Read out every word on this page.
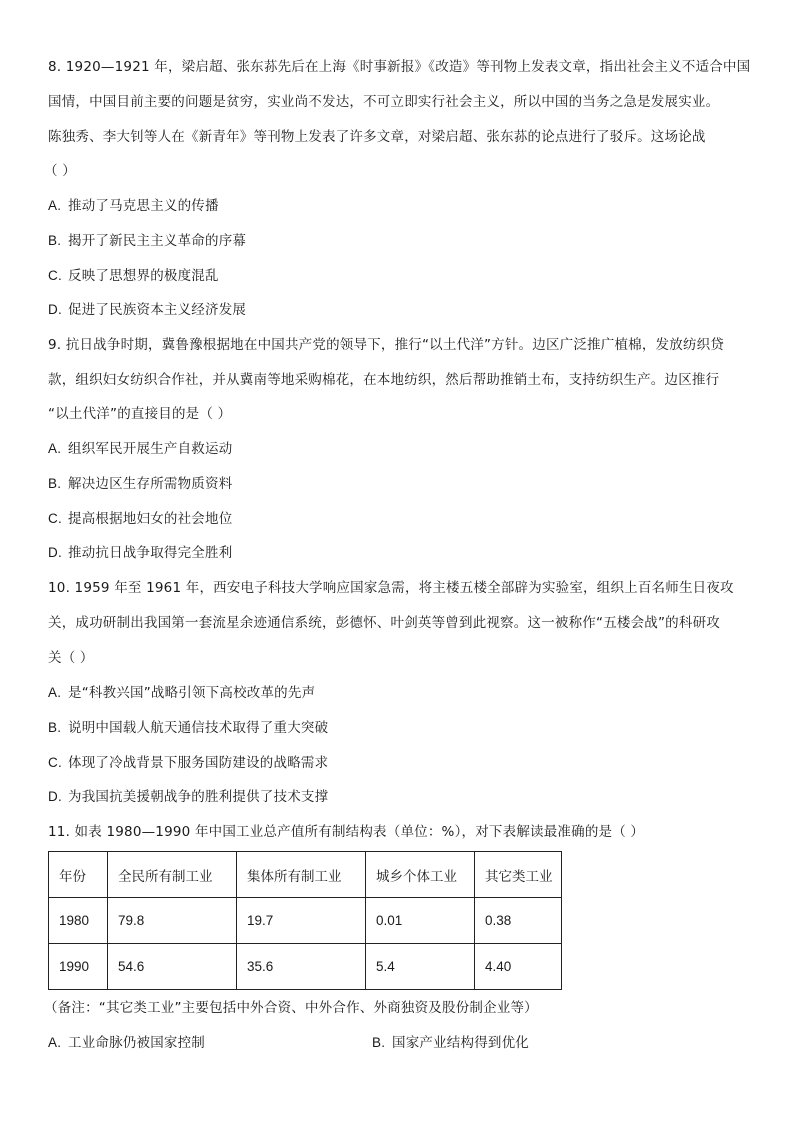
8. 1920—1921 年，梁启超、张东荪先后在上海《时事新报》《改造》等刊物上发表文章，指出社会主义不适合中国
国情，中国目前主要的问题是贫穷，实业尚不发达，不可立即实行社会主义，所以中国的当务之急是发展实业。
陈独秀、李大钊等人在《新青年》等刊物上发表了许多文章，对梁启超、张东荪的论点进行了驳斥。这场论战
（ ）
A. 推动了马克思主义的传播
B. 揭开了新民主主义革命的序幕
C. 反映了思想界的极度混乱
D. 促进了民族资本主义经济发展
9. 抗日战争时期，冀鲁豫根据地在中国共产党的领导下，推行“以土代洋”方针。边区广泛推广植棉，发放纺织贷
款，组织妇女纺织合作社，并从冀南等地采购棉花，在本地纺织，然后帮助推销土布，支持纺织生产。边区推行
“以土代洋”的直接目的是（ ）
A. 组织军民开展生产自救运动
B. 解决边区生存所需物质资料
C. 提高根据地妇女的社会地位
D. 推动抗日战争取得完全胜利
10. 1959 年至 1961 年，西安电子科技大学响应国家急需，将主楼五楼全部辟为实验室，组织上百名师生日夜攻
关，成功研制出我国第一套流星余迹通信系统，彭德怀、叶剑英等曾到此视察。这一被称作“五楼会战”的科研攻
关（ ）
A. 是“科教兴国”战略引领下高校改革的先声
B. 说明中国载人航天通信技术取得了重大突破
C. 体现了冷战背景下服务国防建设的战略需求
D. 为我国抗美援朝战争的胜利提供了技术支撑
11. 如表 1980—1990 年中国工业总产值所有制结构表（单位：%），对下表解读最准确的是（ ）
年份	全民所有制工业	集体所有制工业	城乡个体工业	其它类工业
1980	79.8	19.7	0.01	0.38
1990	54.6	35.6	5.4	4.40
（备注：“其它类工业”主要包括中外合资、中外合作、外商独资及股份制企业等）
A. 工业命脉仍被国家控制	B. 国家产业结构得到优化
